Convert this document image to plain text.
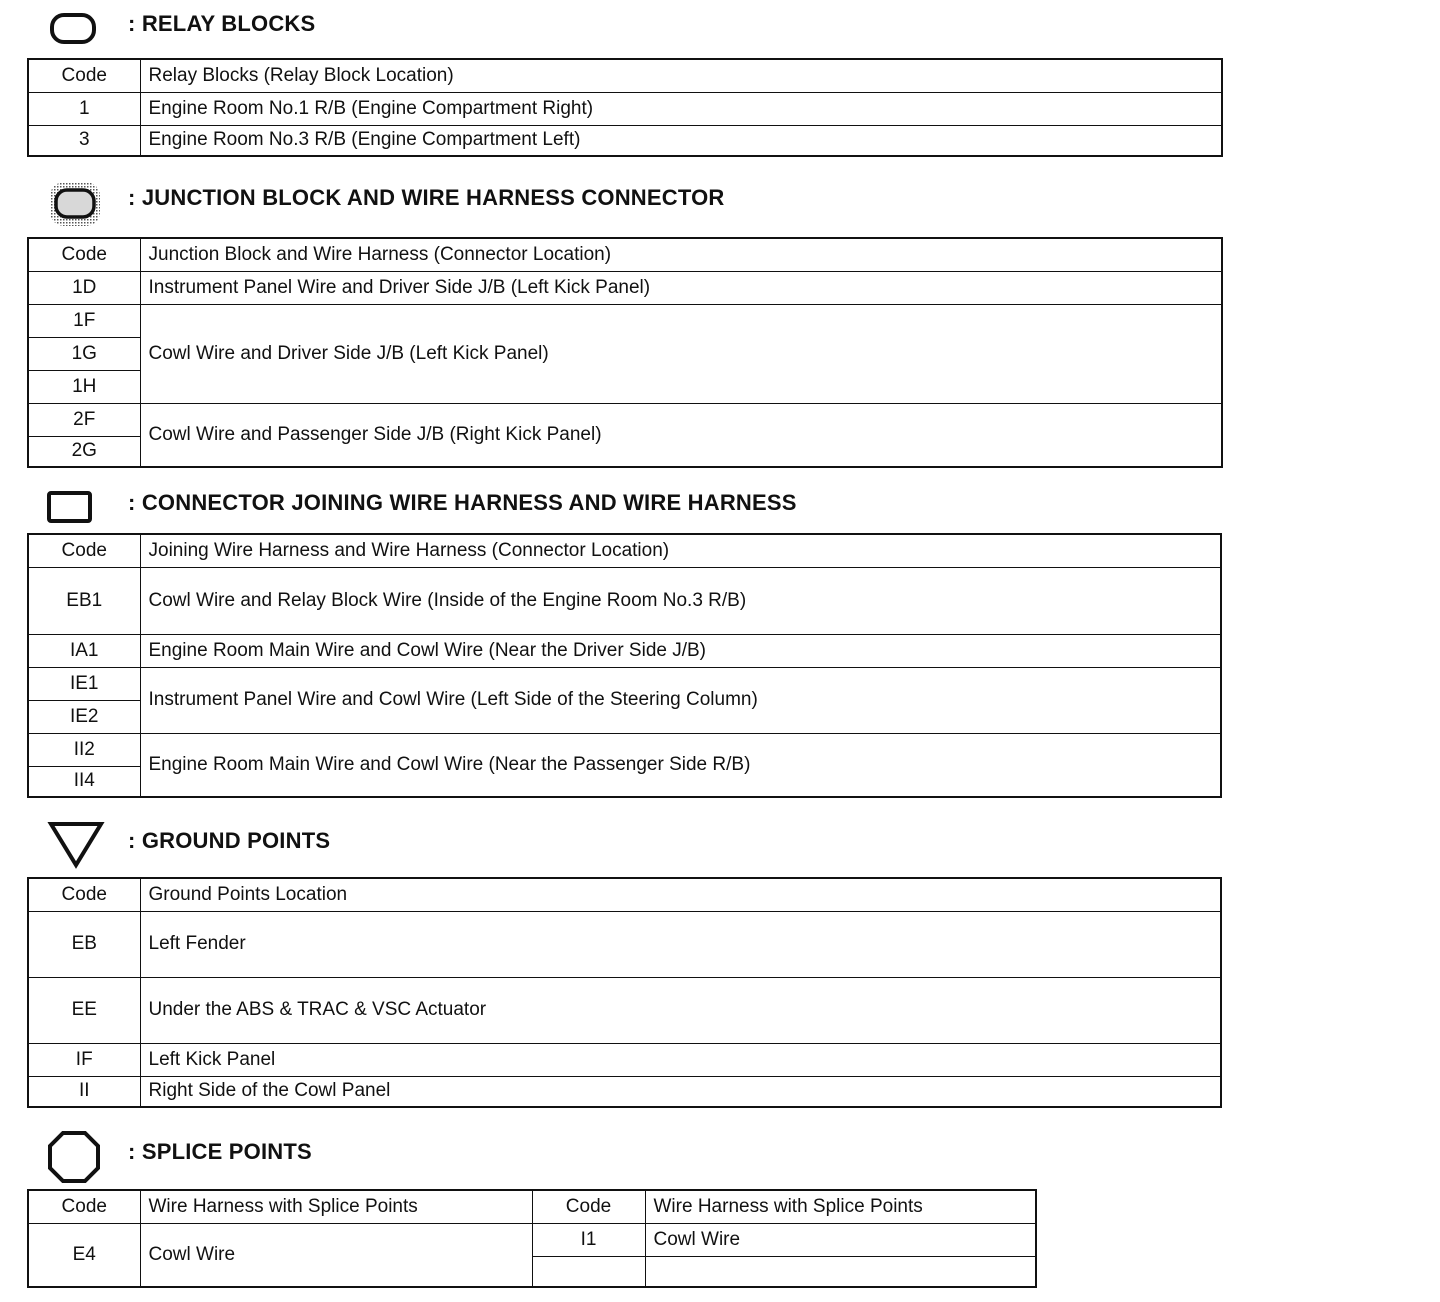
: RELAY BLOCKS
Code	Relay Blocks (Relay Block Location)
1	Engine Room No.1 R/B (Engine Compartment Right)
3	Engine Room No.3 R/B (Engine Compartment Left)
: JUNCTION BLOCK AND WIRE HARNESS CONNECTOR
Code	Junction Block and Wire Harness (Connector Location)
1D	Instrument Panel Wire and Driver Side J/B (Left Kick Panel)
1F	Cowl Wire and Driver Side J/B (Left Kick Panel)
1G	
1H	
2F	Cowl Wire and Passenger Side J/B (Right Kick Panel)
2G	
: CONNECTOR JOINING WIRE HARNESS AND WIRE HARNESS
Code	Joining Wire Harness and Wire Harness (Connector Location)
EB1	Cowl Wire and Relay Block Wire (Inside of the Engine Room No.3 R/B)
IA1	Engine Room Main Wire and Cowl Wire (Near the Driver Side J/B)
IE1	Instrument Panel Wire and Cowl Wire (Left Side of the Steering Column)
IE2	
II2	Engine Room Main Wire and Cowl Wire (Near the Passenger Side R/B)
II4	
: GROUND POINTS
Code	Ground Points Location
EB	Left Fender
EE	Under the ABS & TRAC & VSC Actuator
IF	Left Kick Panel
II	Right Side of the Cowl Panel
: SPLICE POINTS
Code	Wire Harness with Splice Points	Code	Wire Harness with Splice Points
E4	Cowl Wire	I1	Cowl Wire
